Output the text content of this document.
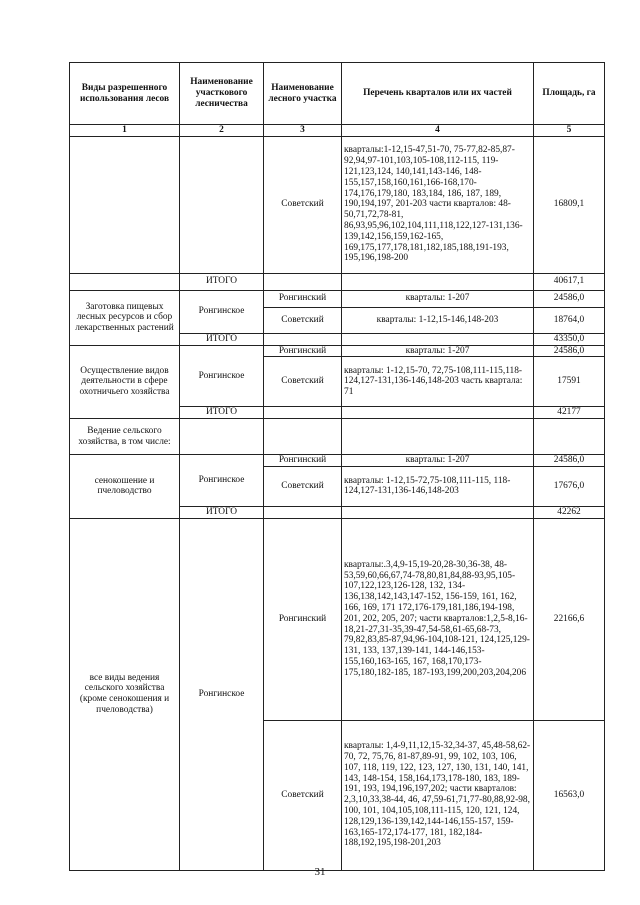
Виды разрешенного использования лесов	Наименование участкового лесничества	Наименование лесного участка	Перечень кварталов или их частей	Площадь, га
1	2	3	4	5
		Советский	кварталы:1-12,15-47,51-70, 75-77,82-85,87-92,94,97-101,103,105-108,112-115, 119-121,123,124, 140,141,143-146, 148-155,157,158,160,161,166-168,170-174,176,179,180, 183,184, 186, 187, 189, 190,194,197, 201-203 части кварталов: 48-50,71,72,78-81, 86,93,95,96,102,104,111,118,122,127-131,136-139,142,156,159,162-165, 169,175,177,178,181,182,185,188,191-193, 195,196,198-200	16809,1
	ИТОГО			40617,1
Заготовка пищевых лесных ресурсов и сбор лекарственных растений	Ронгинское	Ронгинский	кварталы: 1-207	24586,0
		Советский	кварталы: 1-12,15-146,148-203	18764,0
	ИТОГО			43350,0
Осуществление видов деятельности в сфере охотничьего хозяйства	Ронгинское	Ронгинский	кварталы: 1-207	24586,0
		Советский	кварталы: 1-12,15-70, 72,75-108,111-115,118-124,127-131,136-146,148-203 часть квартала: 71	17591
	ИТОГО			42177
Ведение сельского хозяйства, в том числе:				
сенокошение и пчеловодство	Ронгинское	Ронгинский	кварталы: 1-207	24586,0
		Советский	кварталы: 1-12,15-72,75-108,111-115, 118-124,127-131,136-146,148-203	17676,0
	ИТОГО			42262
все виды ведения сельского хозяйства (кроме сенокошения и пчеловодства)	Ронгинское	Ронгинский	кварталы:.3,4,9-15,19-20,28-30,36-38, 48-53,59,60,66,67,74-78,80,81,84,88-93,95,105-107,122,123,126-128, 132, 134-136,138,142,143,147-152, 156-159, 161, 162, 166, 169, 171 172,176-179,181,186,194-198, 201, 202, 205, 207; части кварталов:1,2,5-8,16-18,21-27,31-35,39-47,54-58,61-65,68-73, 79,82,83,85-87,94,96-104,108-121, 124,125,129-131, 133, 137,139-141, 144-146,153-155,160,163-165, 167, 168,170,173-175,180,182-185, 187-193,199,200,203,204,206	22166,6
		Советский	кварталы: 1,4-9,11,12,15-32,34-37, 45,48-58,62-70, 72, 75,76, 81-87,89-91, 99, 102, 103, 106, 107, 118, 119, 122, 123, 127, 130, 131, 140, 141, 143, 148-154, 158,164,173,178-180, 183, 189-191, 193, 194,196,197,202; части кварталов: 2,3,10,33,38-44, 46, 47,59-61,71,77-80,88,92-98, 100, 101, 104,105,108,111-115, 120, 121, 124, 128,129,136-139,142,144-146,155-157, 159-163,165-172,174-177, 181, 182,184-188,192,195,198-201,203	16563,0
31
